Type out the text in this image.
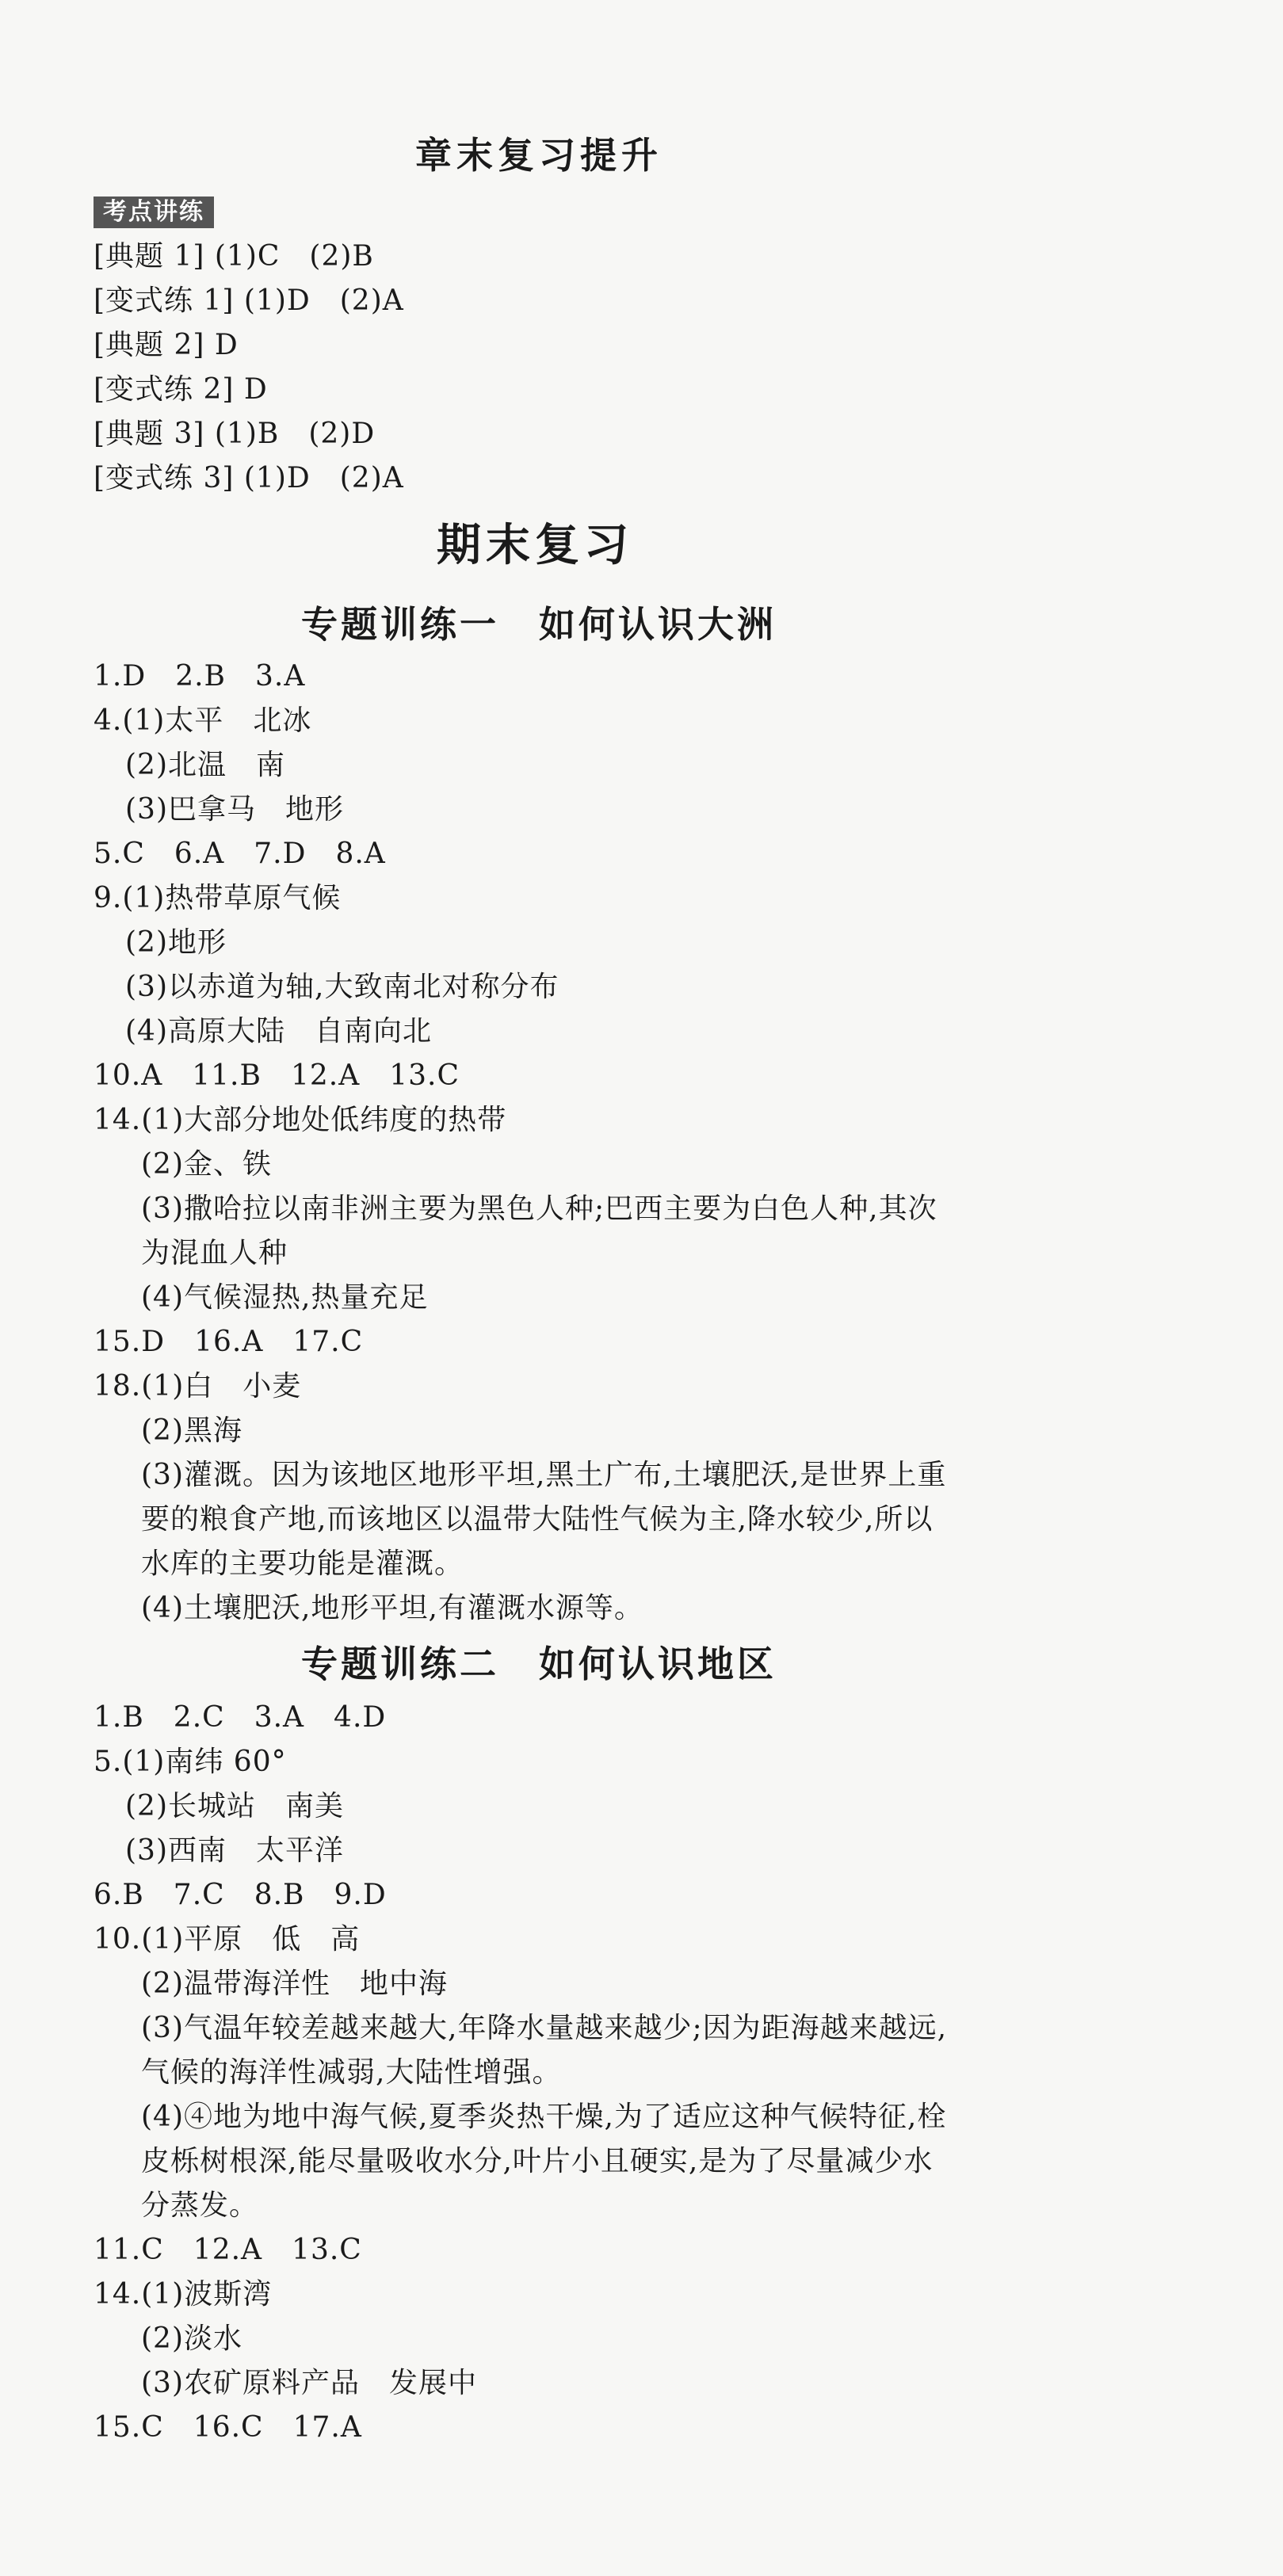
章末复习提升
考点讲练
[典题 1] (1)C　(2)B
[变式练 1] (1)D　(2)A
[典题 2] D
[变式练 2] D
[典题 3] (1)B　(2)D
[变式练 3] (1)D　(2)A
期末复习
专题训练一　如何认识大洲
1.D　2.B　3.A
4.(1)太平　北冰
(2)北温　南
(3)巴拿马　地形
5.C　6.A　7.D　8.A
9.(1)热带草原气候
(2)地形
(3)以赤道为轴,大致南北对称分布
(4)高原大陆　自南向北
10.A　11.B　12.A　13.C
14.(1)大部分地处低纬度的热带
(2)金、铁
(3)撒哈拉以南非洲主要为黑色人种;巴西主要为白色人种,其次
为混血人种
(4)气候湿热,热量充足
15.D　16.A　17.C
18.(1)白　小麦
(2)黑海
(3)灌溉。因为该地区地形平坦,黑土广布,土壤肥沃,是世界上重
要的粮食产地,而该地区以温带大陆性气候为主,降水较少,所以
水库的主要功能是灌溉。
(4)土壤肥沃,地形平坦,有灌溉水源等。
专题训练二　如何认识地区
1.B　2.C　3.A　4.D
5.(1)南纬 60°
(2)长城站　南美
(3)西南　太平洋
6.B　7.C　8.B　9.D
10.(1)平原　低　高
(2)温带海洋性　地中海
(3)气温年较差越来越大,年降水量越来越少;因为距海越来越远,
气候的海洋性减弱,大陆性增强。
(4)④地为地中海气候,夏季炎热干燥,为了适应这种气候特征,栓
皮栎树根深,能尽量吸收水分,叶片小且硬实,是为了尽量减少水
分蒸发。
11.C　12.A　13.C
14.(1)波斯湾
(2)淡水
(3)农矿原料产品　发展中
15.C　16.C　17.A
